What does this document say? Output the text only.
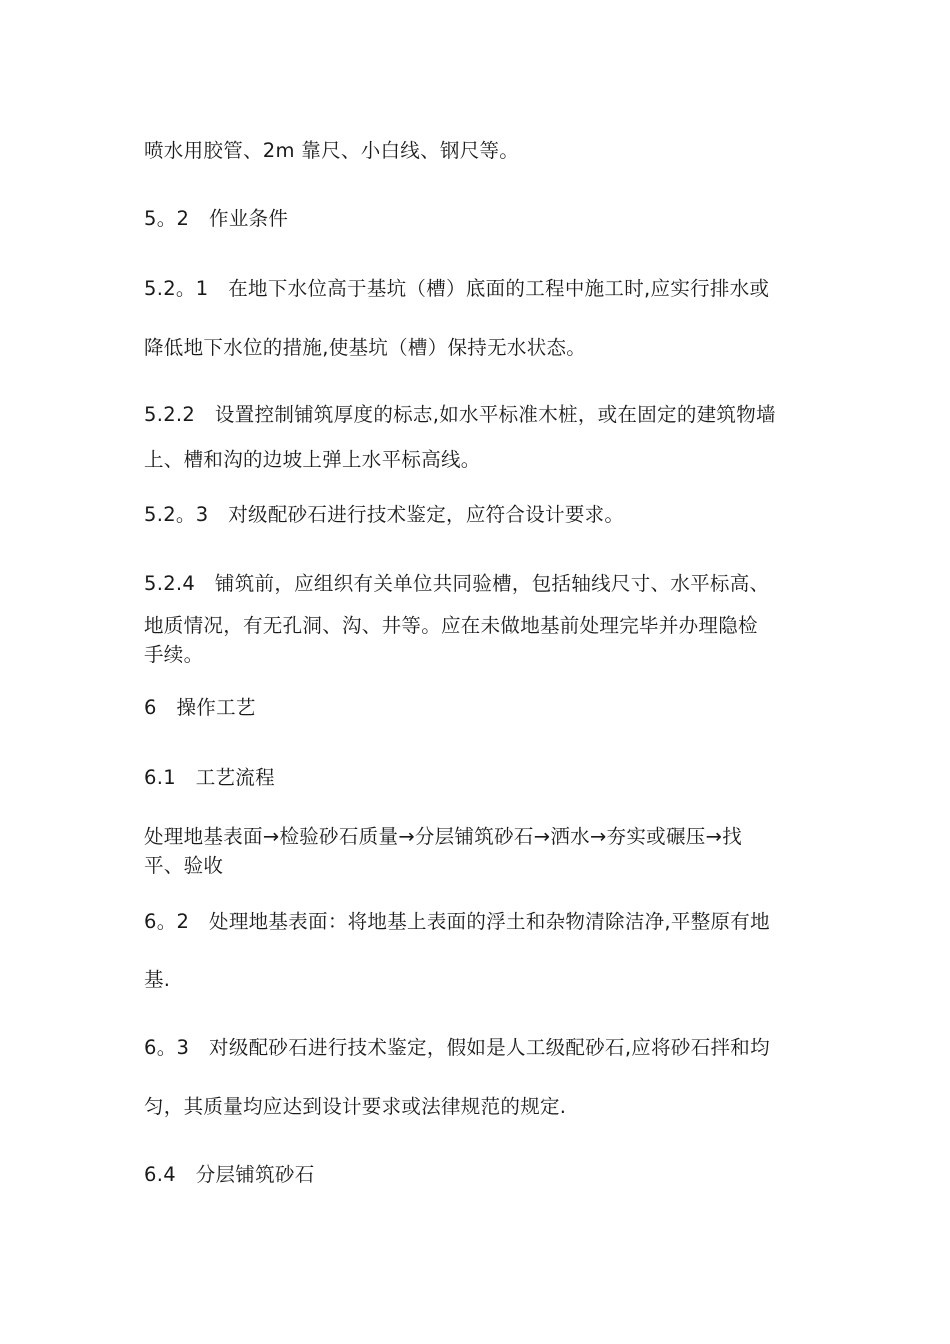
喷水用胶管、2m 靠尺、小白线、钢尺等。
5。2　作业条件
5.2。1　在地下水位高于基坑（槽）底面的工程中施工时,应实行排水或
降低地下水位的措施,使基坑（槽）保持无水状态。
5.2.2　设置控制铺筑厚度的标志,如水平标准木桩，或在固定的建筑物墙
上、槽和沟的边坡上弹上水平标高线。
5.2。3　对级配砂石进行技术鉴定，应符合设计要求。
5.2.4　铺筑前，应组织有关单位共同验槽，包括轴线尺寸、水平标高、
地质情况，有无孔洞、沟、井等。应在未做地基前处理完毕并办理隐检
手续。
6　操作工艺
6.1　工艺流程
处理地基表面→检验砂石质量→分层铺筑砂石→洒水→夯实或碾压→找
平、验收
6。2　处理地基表面：将地基上表面的浮土和杂物清除洁净,平整原有地
基.
6。3　对级配砂石进行技术鉴定，假如是人工级配砂石,应将砂石拌和均
匀，其质量均应达到设计要求或法律规范的规定.
6.4　分层铺筑砂石
